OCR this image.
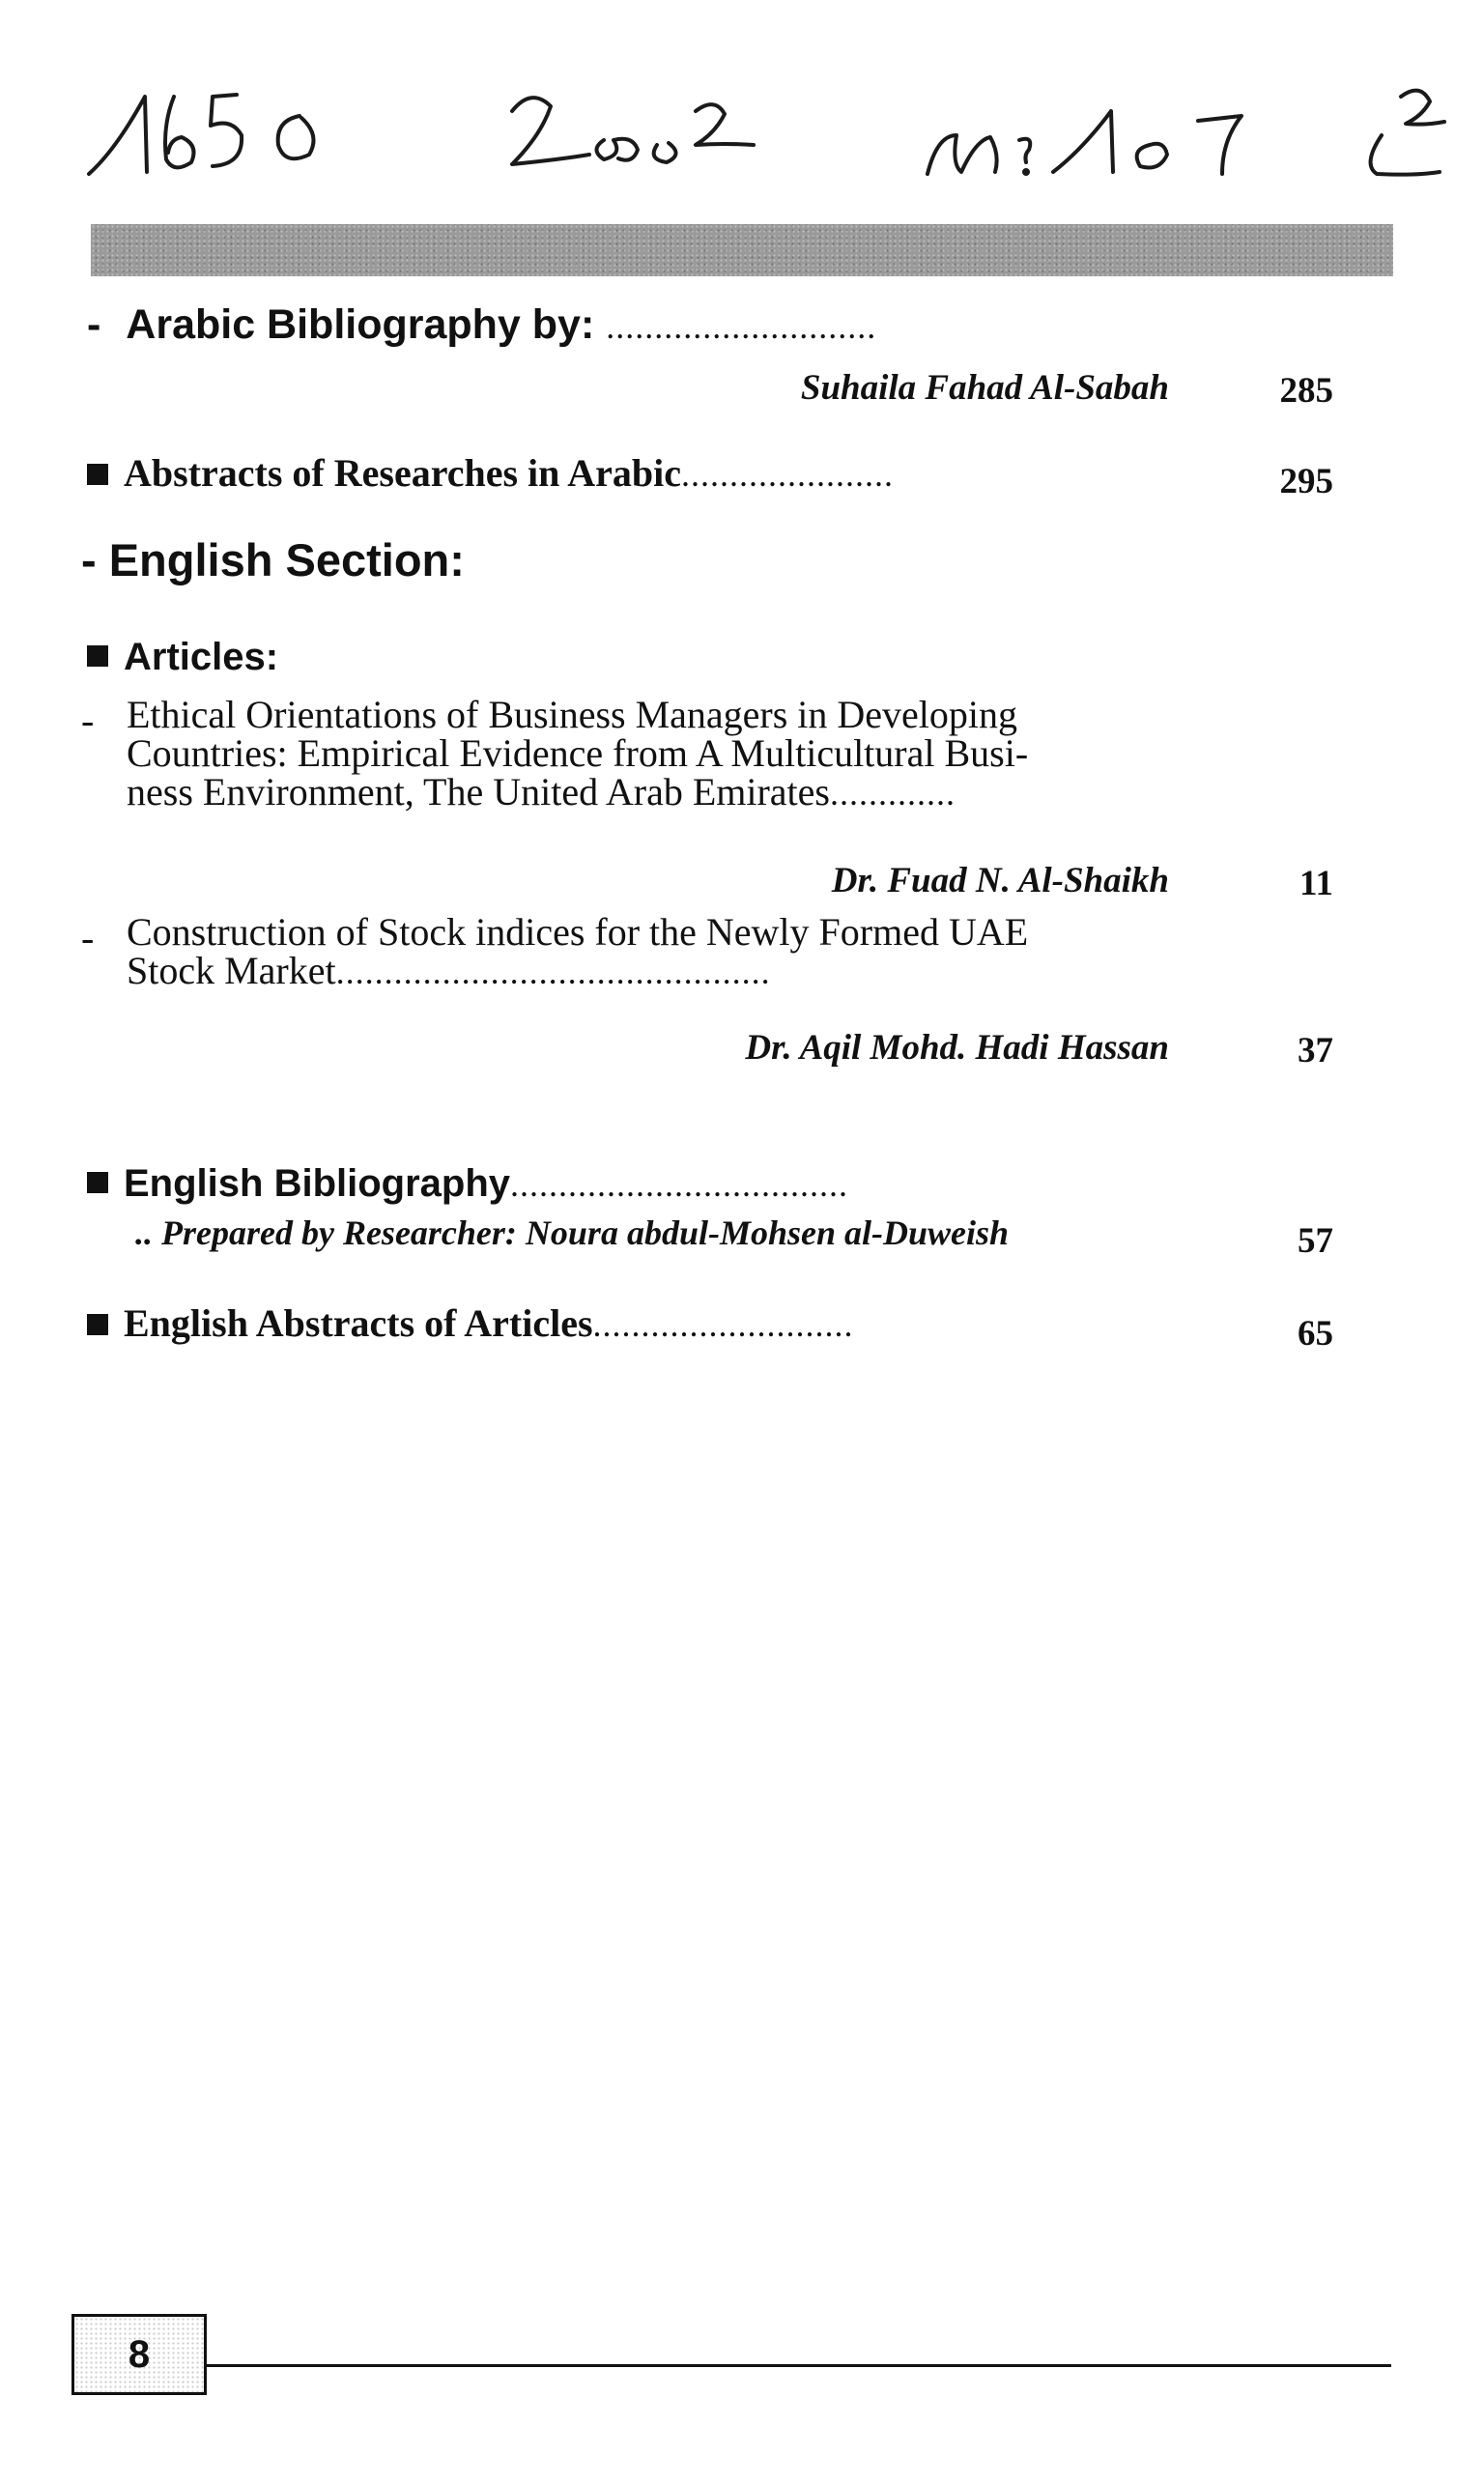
- Arabic Bibliography by: ............................
Suhaila Fahad Al-Sabah	285
Abstracts of Researches in Arabic......................	295
- English Section:
Articles:
- Ethical Orientations of Business Managers in Developing
Countries: Empirical Evidence from A Multicultural Busi-
ness Environment, The United Arab Emirates.............
Dr. Fuad N. Al-Shaikh	11
- Construction of Stock indices for the Newly Formed UAE
Stock Market.............................................
Dr. Aqil Mohd. Hadi Hassan	37
English Bibliography...................................
.. Prepared by Researcher: Noura abdul-Mohsen al-Duweish	57
English Abstracts of Articles...........................	65
8
